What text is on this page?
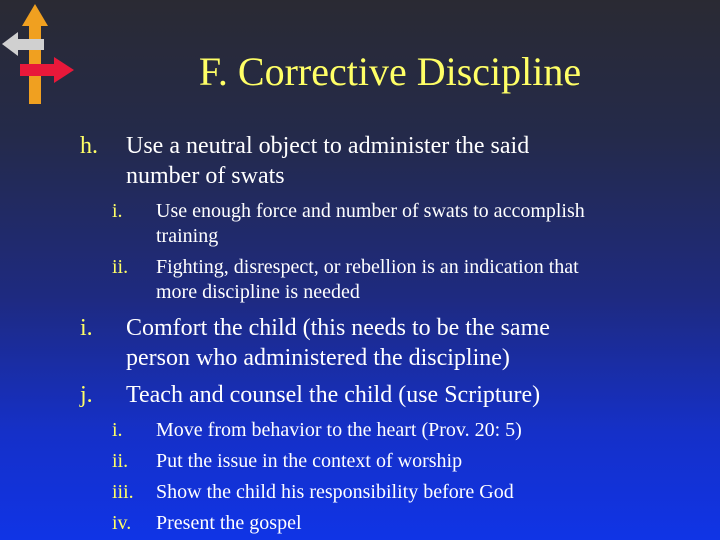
F. Corrective Discipline
h. Use a neutral object to administer the said
number of swats
i. Use enough force and number of swats to accomplish
training
ii. Fighting, disrespect, or rebellion is an indication that
more discipline is needed
i. Comfort the child (this needs to be the same
person who administered the discipline)
j. Teach and counsel the child (use Scripture)
i. Move from behavior to the heart (Prov. 20: 5)
ii. Put the issue in the context of worship
iii. Show the child his responsibility before God
iv. Present the gospel
